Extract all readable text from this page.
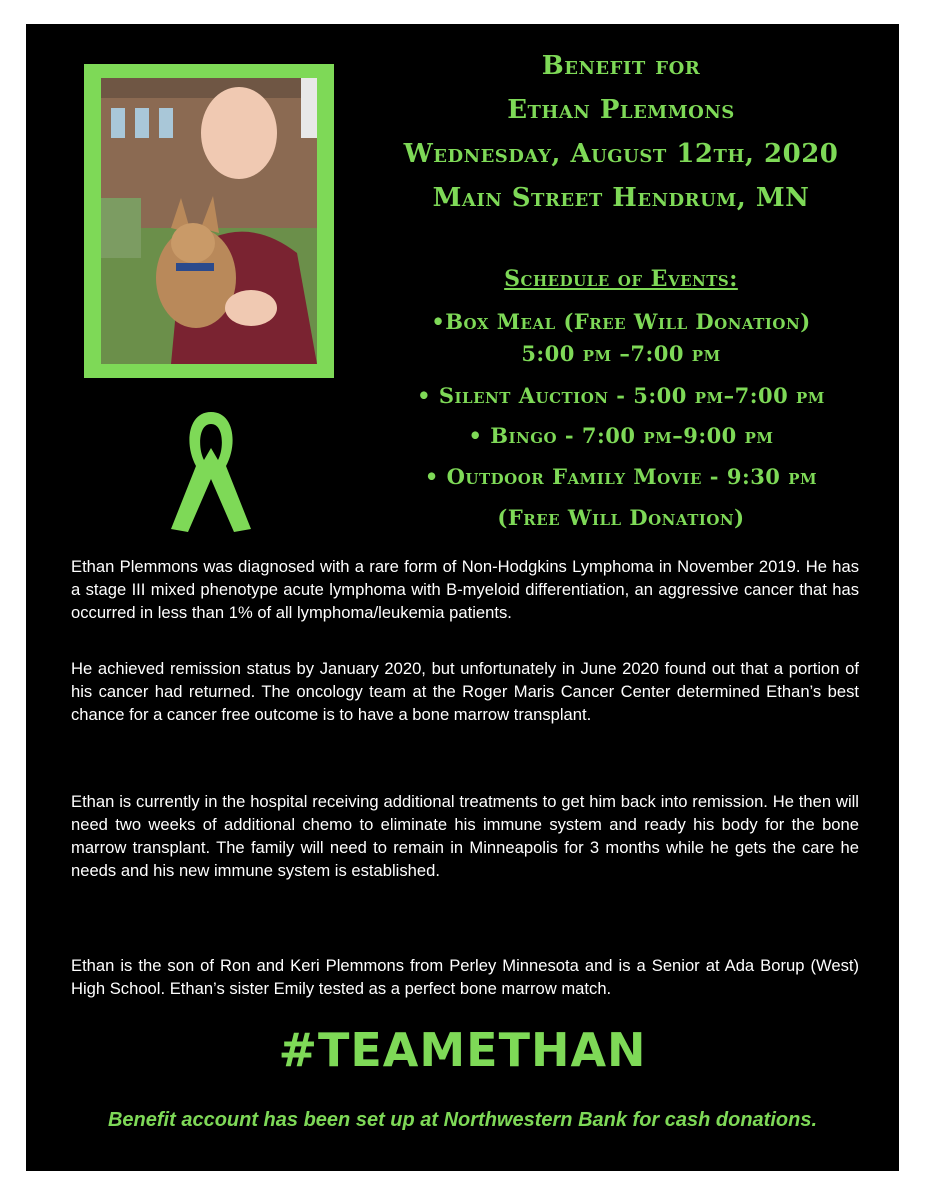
Benefit for
Ethan Plemmons
Wednesday, August 12th, 2020
Main Street Hendrum, MN
Schedule of Events:
•Box Meal (Free Will Donation)
5:00 pm –7:00 pm
• Silent Auction - 5:00 pm–7:00 pm
• Bingo - 7:00 pm–9:00 pm
• Outdoor Family Movie - 9:30 pm
(Free Will Donation)
Ethan Plemmons was diagnosed with a rare form of Non-Hodgkins Lymphoma in November 2019. He has a stage III mixed phenotype acute lymphoma with B-myeloid differentiation, an aggressive cancer that has occurred in less than 1% of all lymphoma/leukemia patients.
He achieved remission status by January 2020, but unfortunately in June 2020 found out that a portion of his cancer had returned. The oncology team at the Roger Maris Cancer Center determined Ethan’s best chance for a cancer free outcome is to have a bone marrow transplant.
Ethan is currently in the hospital receiving additional treatments to get him back into remission. He then will need two weeks of additional chemo to eliminate his immune system and ready his body for the bone marrow transplant. The family will need to remain in Minneapolis for 3 months while he gets the care he needs and his new immune system is established.
Ethan is the son of Ron and Keri Plemmons from Perley Minnesota and is a Senior at Ada Borup (West) High School. Ethan’s sister Emily tested as a perfect bone marrow match.
#TEAMETHAN
Benefit account has been set up at Northwestern Bank for cash donations.
